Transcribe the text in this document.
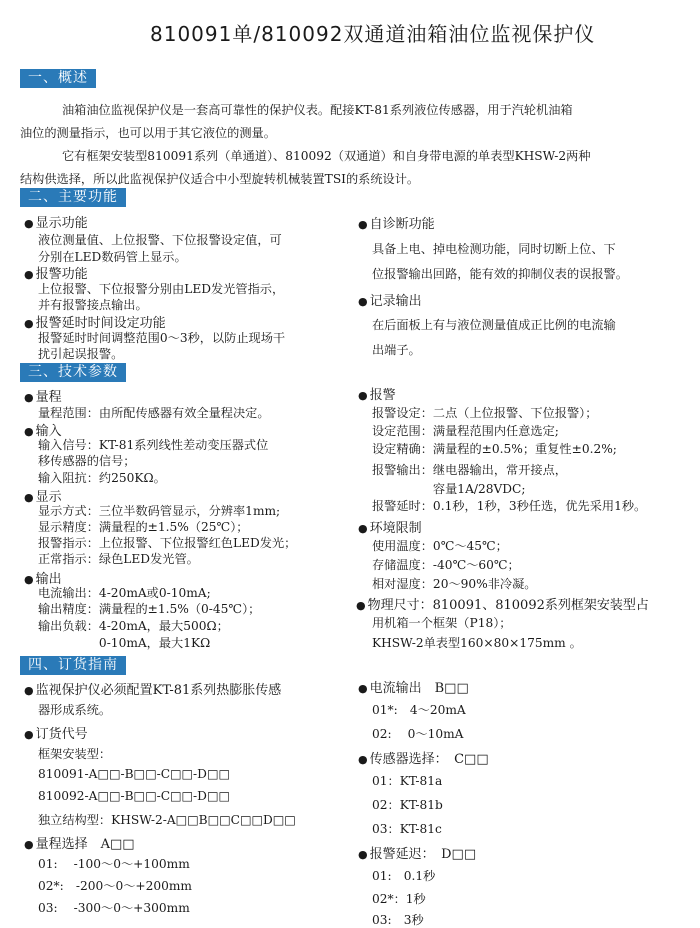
810091单/810092双通道油箱油位监视保护仪
一、概述
油箱油位监视保护仪是一套高可靠性的保护仪表。配接KT-81系列液位传感器，用于汽轮机油箱
油位的测量指示，也可以用于其它液位的测量。
它有框架安装型810091系列（单通道）、810092（双通道）和自身带电源的单表型KHSW-2两种
结构供选择，所以此监视保护仪适合中小型旋转机械装置TSI的系统设计。
二、主要功能
● 显示功能
液位测量值、上位报警、下位报警设定值，可
分别在LED数码管上显示。
● 报警功能
上位报警、下位报警分别由LED发光管指示，
并有报警接点输出。
● 报警延时时间设定功能
报警延时时间调整范围0～3秒，以防止现场干
扰引起误报警。
● 自诊断功能
具备上电、掉电检测功能，同时切断上位、下
位报警输出回路，能有效的抑制仪表的误报警。
● 记录输出
在后面板上有与液位测量值成正比例的电流输
出端子。
三、技术参数
● 量程
量程范围：由所配传感器有效全量程决定。
● 输入
输入信号：KT-81系列线性差动变压器式位
移传感器的信号；
输入阻抗：约250KΩ。
● 显示
显示方式：三位半数码管显示，分辨率1mm;
显示精度：满量程的±1.5%（25℃）；
报警指示：上位报警、下位报警红色LED发光；
正常指示：绿色LED发光管。
● 输出
电流输出：4-20mA或0-10mA;
输出精度：满量程的±1.5%（0-45℃）；
输出负载：4-20mA，最大500Ω；
　　　　　0-10mA，最大1KΩ
● 报警
报警设定：二点（上位报警、下位报警）；
设定范围：满量程范围内任意选定;
设定精确：满量程的±0.5%；重复性±0.2%;
报警输出：继电器输出，常开接点，
　　　　　容量1A/28VDC;
报警延时：0.1秒，1秒，3秒任选，优先采用1秒。
● 环境限制
使用温度：0℃～45℃；
存储温度：-40℃～60℃；
相对湿度：20～90%非冷凝。
● 物理尺寸：810091、810092系列框架安装型占
用机箱一个框架（P18）；
KHSW-2单表型160×80×175mm 。
四、订货指南
● 监视保护仪必须配置KT-81系列热膨胀传感
器形成系统。
● 订货代号
框架安装型：
810091-A□□-B□□-C□□-D□□
810092-A□□-B□□-C□□-D□□
独立结构型：KHSW-2-A□□B□□C□□D□□
● 量程选择　A□□
01:　 -100～0～+100mm
02*:　-200～0～+200mm
03:　 -300～0～+300mm
● 电流输出　B□□
01*:　4～20mA
02:　 0～10mA
● 传感器选择：　C□□
01：KT-81a
02：KT-81b
03：KT-81c
● 报警延迟：　D□□
01:　0.1秒
02*：1秒
03:　3秒
